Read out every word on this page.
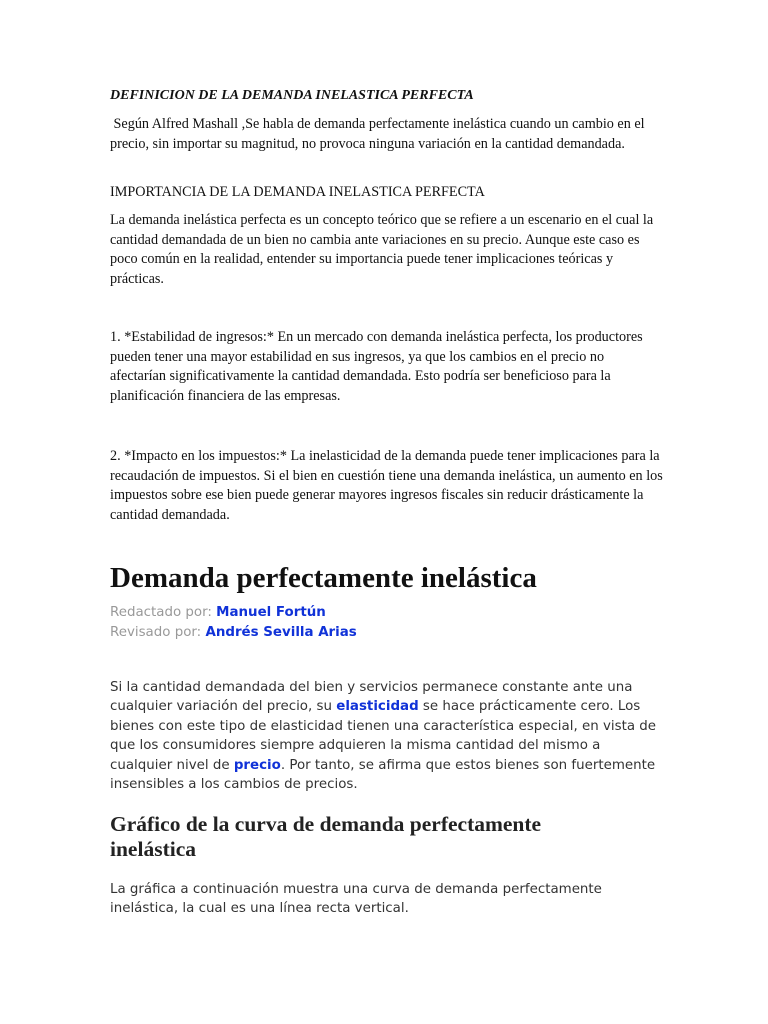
DEFINICION DE LA DEMANDA INELASTICA PERFECTA

Según Alfred Mashall ,Se habla de demanda perfectamente inelástica cuando un cambio en el precio, sin importar su magnitud, no provoca ninguna variación en la cantidad demandada.

IMPORTANCIA DE LA DEMANDA INELASTICA PERFECTA

La demanda inelástica perfecta es un concepto teórico que se refiere a un escenario en el cual la cantidad demandada de un bien no cambia ante variaciones en su precio. Aunque este caso es poco común en la realidad, entender su importancia puede tener implicaciones teóricas y prácticas.

1. *Estabilidad de ingresos:* En un mercado con demanda inelástica perfecta, los productores pueden tener una mayor estabilidad en sus ingresos, ya que los cambios en el precio no afectarían significativamente la cantidad demandada. Esto podría ser beneficioso para la planificación financiera de las empresas.

2. *Impacto en los impuestos:* La inelasticidad de la demanda puede tener implicaciones para la recaudación de impuestos. Si el bien en cuestión tiene una demanda inelástica, un aumento en los impuestos sobre ese bien puede generar mayores ingresos fiscales sin reducir drásticamente la cantidad demandada.

Demanda perfectamente inelástica
Redactado por: Manuel Fortún
Revisado por: Andrés Sevilla Arias

Si la cantidad demandada del bien y servicios permanece constante ante una cualquier variación del precio, su elasticidad se hace prácticamente cero. Los bienes con este tipo de elasticidad tienen una característica especial, en vista de que los consumidores siempre adquieren la misma cantidad del mismo a cualquier nivel de precio. Por tanto, se afirma que estos bienes son fuertemente insensibles a los cambios de precios.

Gráfico de la curva de demanda perfectamente inelástica

La gráfica a continuación muestra una curva de demanda perfectamente inelástica, la cual es una línea recta vertical.
